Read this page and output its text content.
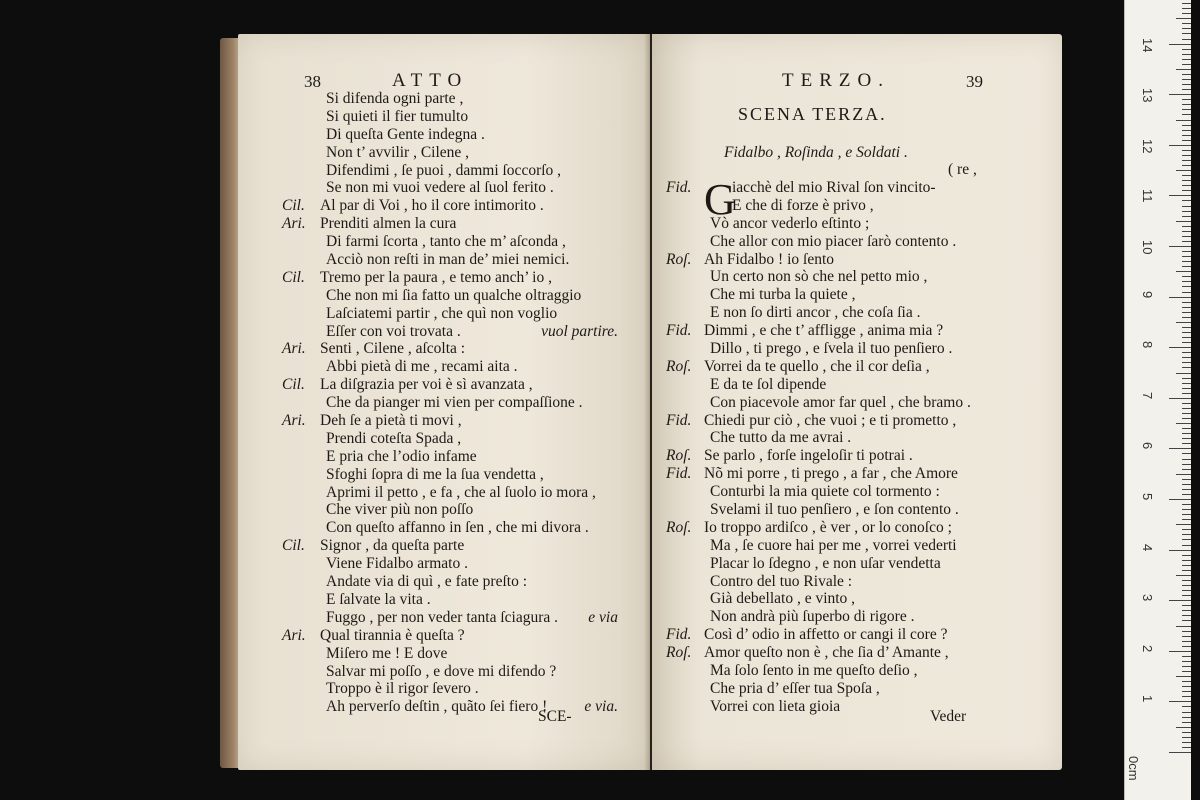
38	ATTO
Si difenda ogni parte ,
Si quieti il fier tumulto
Di queſta Gente indegna .
Non t’ avvilir , Cilene ,
Difendimi , ſe puoi , dammi ſoccorſo ,
Se non mi vuoi vedere al ſuol ferito .
Cil. Al par di Voi , ho il core intimorito .
Ari. Prenditi almen la cura
Di farmi ſcorta , tanto che m’ aſconda ,
Acciò non reſti in man de’ miei nemici.
Cil. Tremo per la paura , e temo anch’ io ,
Che non mi ſia fatto un qualche oltraggio
Laſciatemi partir , che quì non voglio
Eſſer con voi trovata .	vuol partire.
Ari. Senti , Cilene , aſcolta :
Abbi pietà di me , recami aita .
Cil. La diſgrazia per voi è sì avanzata ,
Che da pianger mi vien per compaſſione .
Ari. Deh ſe a pietà ti movi ,
Prendi coteſta Spada ,
E pria che l’odio infame
Sfoghi ſopra di me la ſua vendetta ,
Aprimi il petto , e fa , che al ſuolo io mora ,
Che viver più non poſſo
Con queſto affanno in ſen , che mi divora .
Cil. Signor , da queſta parte
Viene Fidalbo armato .
Andate via di quì , e fate preſto :
E ſalvate la vita .
Fuggo , per non veder tanta ſciagura . e via
Ari. Qual tirannia è queſta ?
Miſero me ! E dove
Salvar mi poſſo , e dove mi difendo ?
Troppo è il rigor ſevero .
Ah perverſo deſtin , quãto ſei fiero ! e via.
SCE-
TERZO.	39
SCENA TERZA.
Fidalbo , Roſinda , e Soldati .
( re ,
G
Fid.	iacchè del mio Rival ſon vincito-
E che di forze è privo ,
Vò ancor vederlo eſtinto ;
Che allor con mio piacer ſarò contento .
Roſ. Ah Fidalbo ! io ſento
Un certo non sò che nel petto mio ,
Che mi turba la quiete ,
E non ſo dirti ancor , che coſa ſia .
Fid. Dimmi , e che t’ affligge , anima mia ?
Dillo , ti prego , e ſvela il tuo penſiero .
Roſ. Vorrei da te quello , che il cor deſia ,
E da te ſol dipende
Con piacevole amor far quel , che bramo .
Fid. Chiedi pur ciò , che vuoi ; e ti prometto ,
Che tutto da me avrai .
Roſ. Se parlo , forſe ingeloſir ti potrai .
Fid. Nõ mi porre , ti prego , a far , che Amore
Conturbi la mia quiete col tormento :
Svelami il tuo penſiero , e ſon contento .
Roſ. Io troppo ardiſco , è ver , or lo conoſco ;
Ma , ſe cuore hai per me , vorrei vederti
Placar lo ſdegno , e non uſar vendetta
Contro del tuo Rivale :
Già debellato , e vinto ,
Non andrà più ſuperbo di rigore .
Fid. Così d’ odio in affetto or cangi il core ?
Roſ. Amor queſto non è , che ſia d’ Amante ,
Ma ſolo ſento in me queſto deſio ,
Che pria d’ eſſer tua Spoſa ,
Vorrei con lieta gioia
Veder
0cm
1
2
3
4
5
6
7
8
9
10
11
12
13
14
